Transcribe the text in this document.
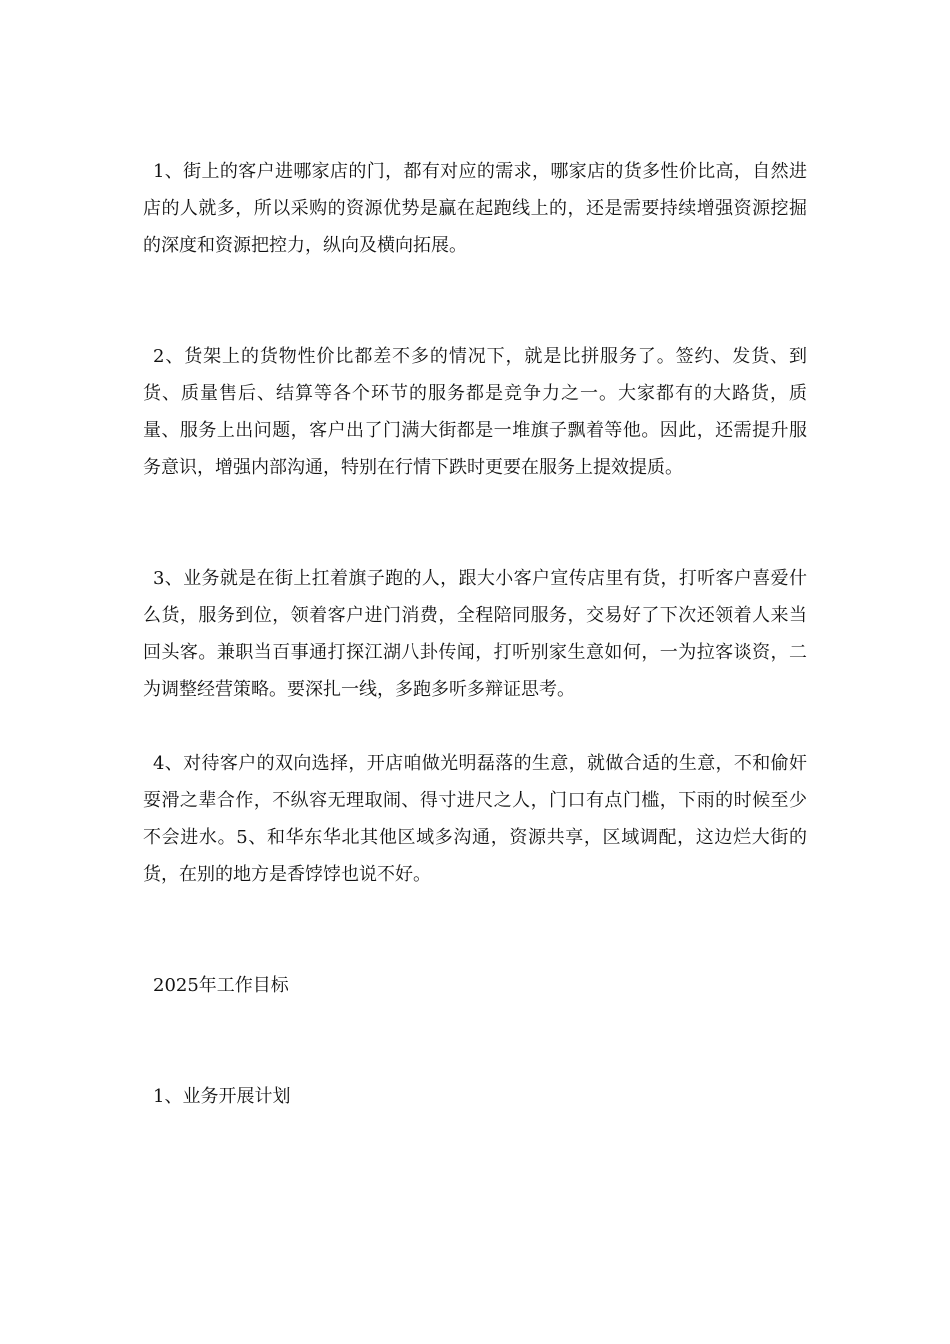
1、街上的客户进哪家店的门，都有对应的需求，哪家店的货多性价比高，自然进店的人就多，所以采购的资源优势是赢在起跑线上的，还是需要持续增强资源挖掘的深度和资源把控力，纵向及横向拓展。

2、货架上的货物性价比都差不多的情况下，就是比拼服务了。签约、发货、到货、质量售后、结算等各个环节的服务都是竞争力之一。大家都有的大路货，质量、服务上出问题，客户出了门满大街都是一堆旗子飘着等他。因此，还需提升服务意识，增强内部沟通，特别在行情下跌时更要在服务上提效提质。

3、业务就是在街上扛着旗子跑的人，跟大小客户宣传店里有货，打听客户喜爱什么货，服务到位，领着客户进门消费，全程陪同服务，交易好了下次还领着人来当回头客。兼职当百事通打探江湖八卦传闻，打听别家生意如何，一为拉客谈资，二为调整经营策略。要深扎一线，多跑多听多辩证思考。

4、对待客户的双向选择，开店咱做光明磊落的生意，就做合适的生意，不和偷奸耍滑之辈合作，不纵容无理取闹、得寸进尺之人，门口有点门槛，下雨的时候至少不会进水。5、和华东华北其他区域多沟通，资源共享，区域调配，这边烂大街的货，在别的地方是香饽饽也说不好。

2025年工作目标

1、业务开展计划
